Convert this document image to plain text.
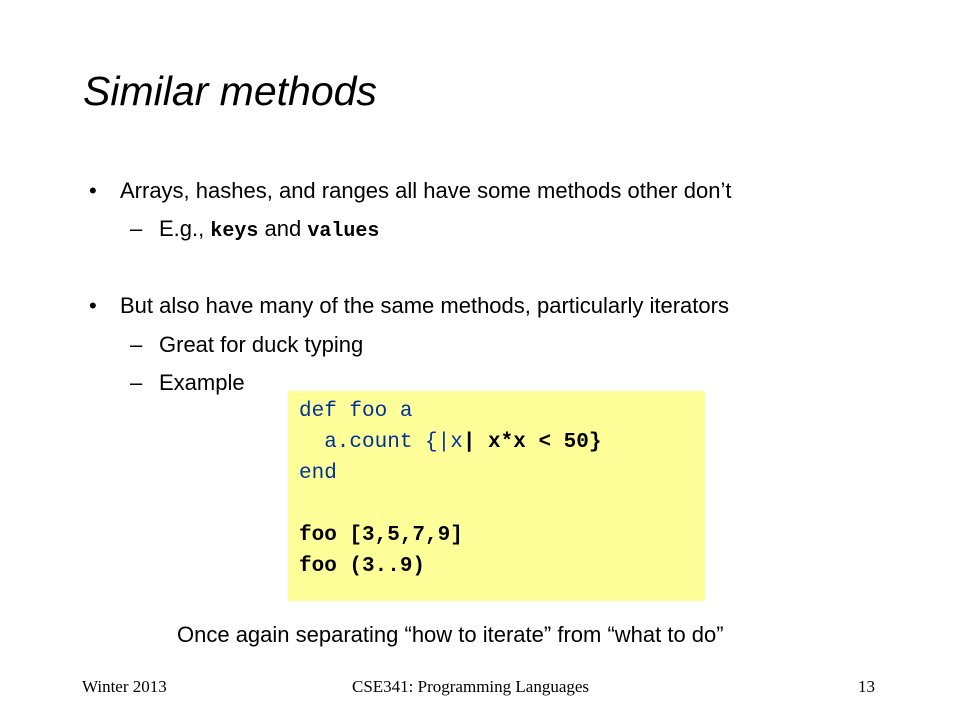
Similar methods
• Arrays, hashes, and ranges all have some methods other don’t
– E.g., keys and values
• But also have many of the same methods, particularly iterators
– Great for duck typing
– Example
def foo a
a.count {|x| x*x < 50}
end
foo [3,5,7,9]
foo (3..9)
Once again separating “how to iterate” from “what to do”
Winter 2013	CSE341: Programming Languages	13
